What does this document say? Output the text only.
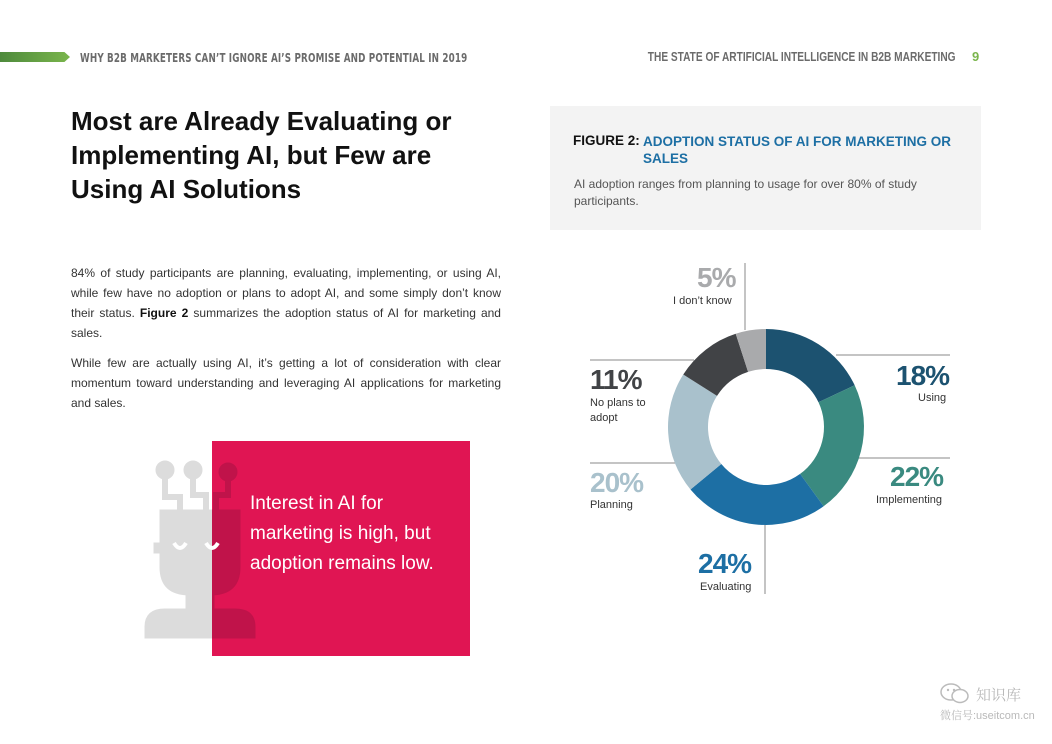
WHY B2B MARKETERS CAN’T IGNORE AI’S PROMISE AND POTENTIAL IN 2019	THE STATE OF ARTIFICIAL INTELLIGENCE IN B2B MARKETING 9
Most are Already Evaluating or Implementing AI, but Few are Using AI Solutions

84% of study participants are planning, evaluating, implementing, or using AI, while few have no adoption or plans to adopt AI, and some simply don’t know their status. Figure 2 summarizes the adoption status of AI for marketing and sales.

While few are actually using AI, it’s getting a lot of consideration with clear momentum toward understanding and leveraging AI applications for marketing and sales.

Interest in AI for marketing is high, but adoption remains low.
FIGURE 2: ADOPTION STATUS OF AI FOR MARKETING OR SALES
AI adoption ranges from planning to usage for over 80% of study participants.
18%
Using
22%
Implementing
24%
Evaluating
20%
Planning
11%
No plans to adopt
5%
I don’t know
知识库
微信号:useitcom.cn
